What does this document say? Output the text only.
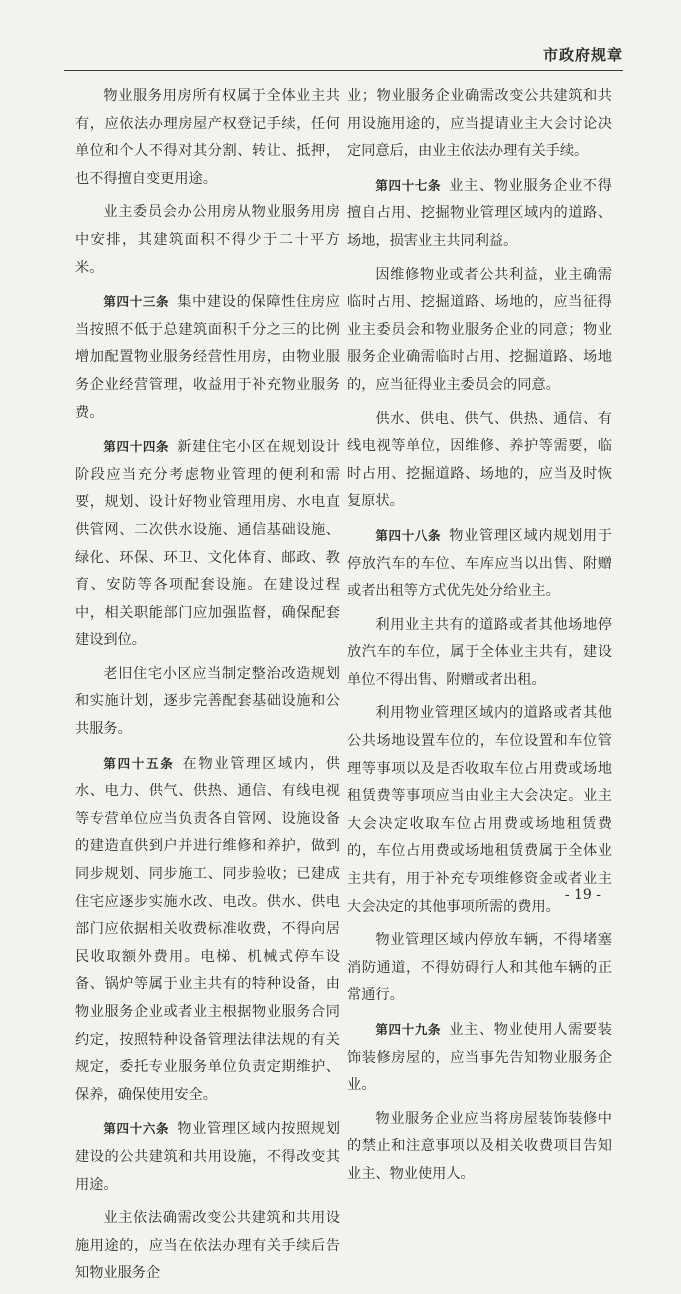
市政府规章

物业服务用房所有权属于全体业主共有，应依法办理房屋产权登记手续，任何单位和个人不得对其分割、转让、抵押，也不得擅自变更用途。

业主委员会办公用房从物业服务用房中安排，其建筑面积不得少于二十平方米。

第四十三条 集中建设的保障性住房应当按照不低于总建筑面积千分之三的比例增加配置物业服务经营性用房，由物业服务企业经营管理，收益用于补充物业服务费。

第四十四条 新建住宅小区在规划设计阶段应当充分考虑物业管理的便利和需要，规划、设计好物业管理用房、水电直供管网、二次供水设施、通信基础设施、绿化、环保、环卫、文化体育、邮政、教育、安防等各项配套设施。在建设过程中，相关职能部门应加强监督，确保配套建设到位。

老旧住宅小区应当制定整治改造规划和实施计划，逐步完善配套基础设施和公共服务。

第四十五条 在物业管理区域内，供水、电力、供气、供热、通信、有线电视等专营单位应当负责各自管网、设施设备的建造直供到户并进行维修和养护，做到同步规划、同步施工、同步验收；已建成住宅应逐步实施水改、电改。供水、供电部门应依据相关收费标准收费，不得向居民收取额外费用。电梯、机械式停车设备、锅炉等属于业主共有的特种设备，由物业服务企业或者业主根据物业服务合同约定，按照特种设备管理法律法规的有关规定，委托专业服务单位负责定期维护、保养，确保使用安全。

第四十六条 物业管理区域内按照规划建设的公共建筑和共用设施，不得改变其用途。

业主依法确需改变公共建筑和共用设施用途的，应当在依法办理有关手续后告知物业服务企

业；物业服务企业确需改变公共建筑和共用设施用途的，应当提请业主大会讨论决定同意后，由业主依法办理有关手续。

第四十七条 业主、物业服务企业不得擅自占用、挖掘物业管理区域内的道路、场地，损害业主共同利益。

因维修物业或者公共利益，业主确需临时占用、挖掘道路、场地的，应当征得业主委员会和物业服务企业的同意；物业服务企业确需临时占用、挖掘道路、场地的，应当征得业主委员会的同意。

供水、供电、供气、供热、通信、有线电视等单位，因维修、养护等需要，临时占用、挖掘道路、场地的，应当及时恢复原状。

第四十八条 物业管理区域内规划用于停放汽车的车位、车库应当以出售、附赠或者出租等方式优先处分给业主。

利用业主共有的道路或者其他场地停放汽车的车位，属于全体业主共有，建设单位不得出售、附赠或者出租。

利用物业管理区域内的道路或者其他公共场地设置车位的，车位设置和车位管理等事项以及是否收取车位占用费或场地租赁费等事项应当由业主大会决定。业主大会决定收取车位占用费或场地租赁费的，车位占用费或场地租赁费属于全体业主共有，用于补充专项维修资金或者业主大会决定的其他事项所需的费用。

物业管理区域内停放车辆，不得堵塞消防通道，不得妨碍行人和其他车辆的正常通行。

第四十九条 业主、物业使用人需要装饰装修房屋的，应当事先告知物业服务企业。

物业服务企业应当将房屋装饰装修中的禁止和注意事项以及相关收费项目告知业主、物业使用人。

- 19 -
